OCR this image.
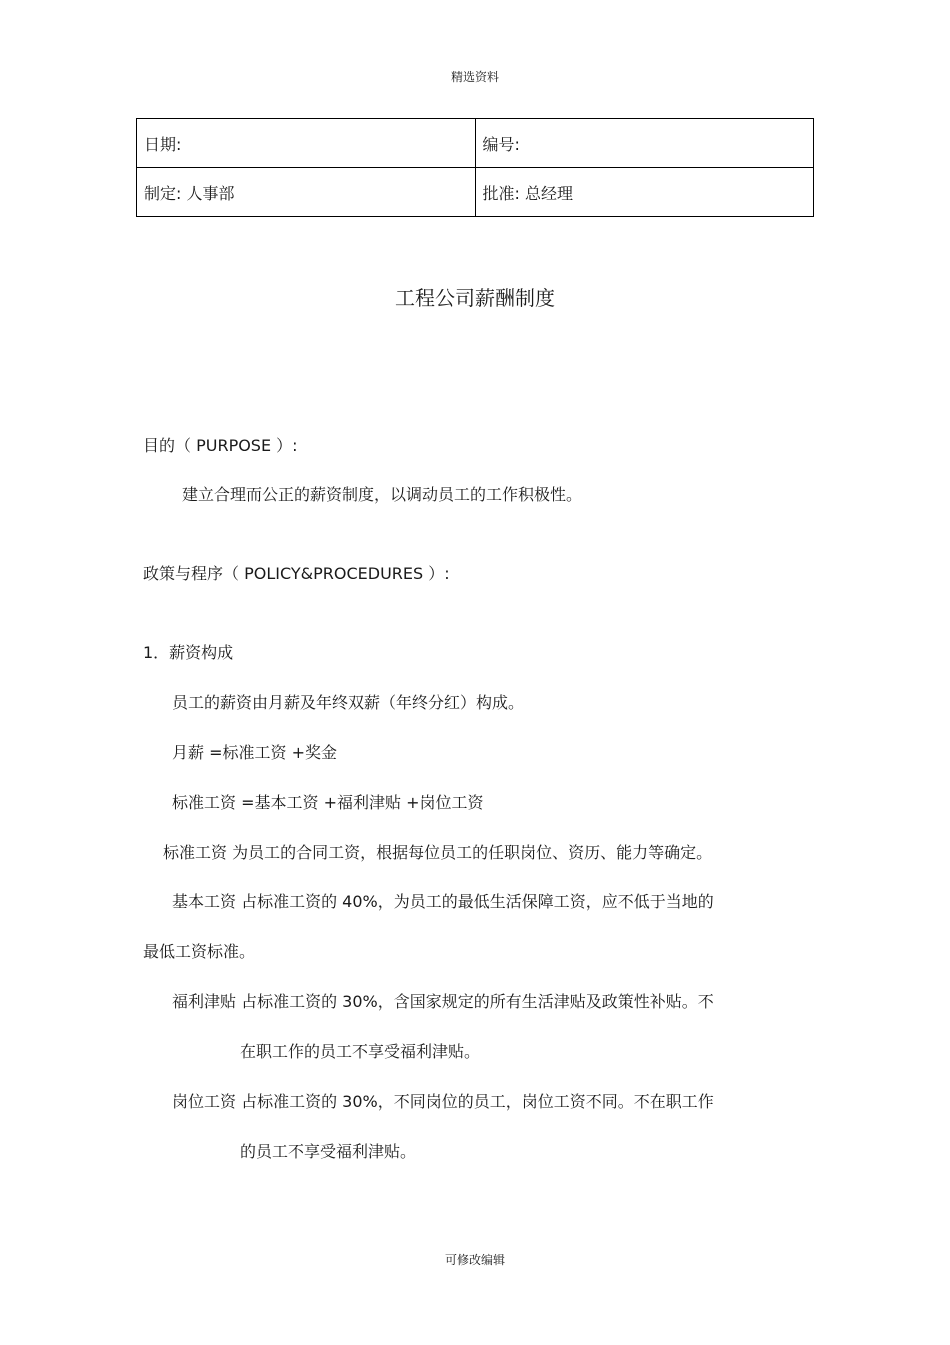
精选资料
日期:	编号:
制定: 人事部	批准: 总经理
工程公司薪酬制度
目的（ PURPOSE ）:
建立合理而公正的薪资制度，以调动员工的工作积极性。
政策与程序（ POLICY&PROCEDURES ）:
1．薪资构成
员工的薪资由月薪及年终双薪（年终分红）构成。
月薪 =标准工资 +奖金
标准工资 =基本工资 +福利津贴 +岗位工资
标准工资 为员工的合同工资，根据每位员工的任职岗位、资历、能力等确定。
基本工资 占标准工资的 40%，为员工的最低生活保障工资，应不低于当地的
最低工资标准。
福利津贴 占标准工资的 30%，含国家规定的所有生活津贴及政策性补贴。不
在职工作的员工不享受福利津贴。
岗位工资 占标准工资的 30%，不同岗位的员工，岗位工资不同。不在职工作
的员工不享受福利津贴。
可修改编辑
